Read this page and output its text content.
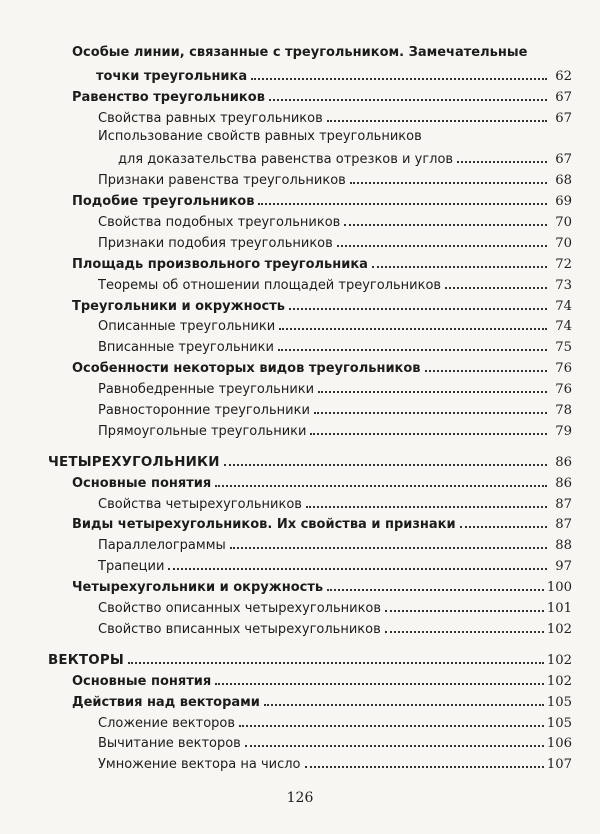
Особые линии, связанные с треугольником. Замечательные
точки треугольника	62
Равенство треугольников	67
Свойства равных треугольников	67
Использование свойств равных треугольников
для доказательства равенства отрезков и углов	67
Признаки равенства треугольников	68
Подобие треугольников	69
Свойства подобных треугольников	70
Признаки подобия треугольников	70
Площадь произвольного треугольника	72
Теоремы об отношении площадей треугольников	73
Треугольники и окружность	74
Описанные треугольники	74
Вписанные треугольники	75
Особенности некоторых видов треугольников	76
Равнобедренные треугольники	76
Равносторонние треугольники	78
Прямоугольные треугольники	79
ЧЕТЫРЕХУГОЛЬНИКИ	86
Основные понятия	86
Свойства четырехугольников	87
Виды четырехугольников. Их свойства и признаки	87
Параллелограммы	88
Трапеции	97
Четырехугольники и окружность	100
Свойство описанных четырехугольников	101
Свойство вписанных четырехугольников	102
ВЕКТОРЫ	102
Основные понятия	102
Действия над векторами	105
Сложение векторов	105
Вычитание векторов	106
Умножение вектора на число	107
126
